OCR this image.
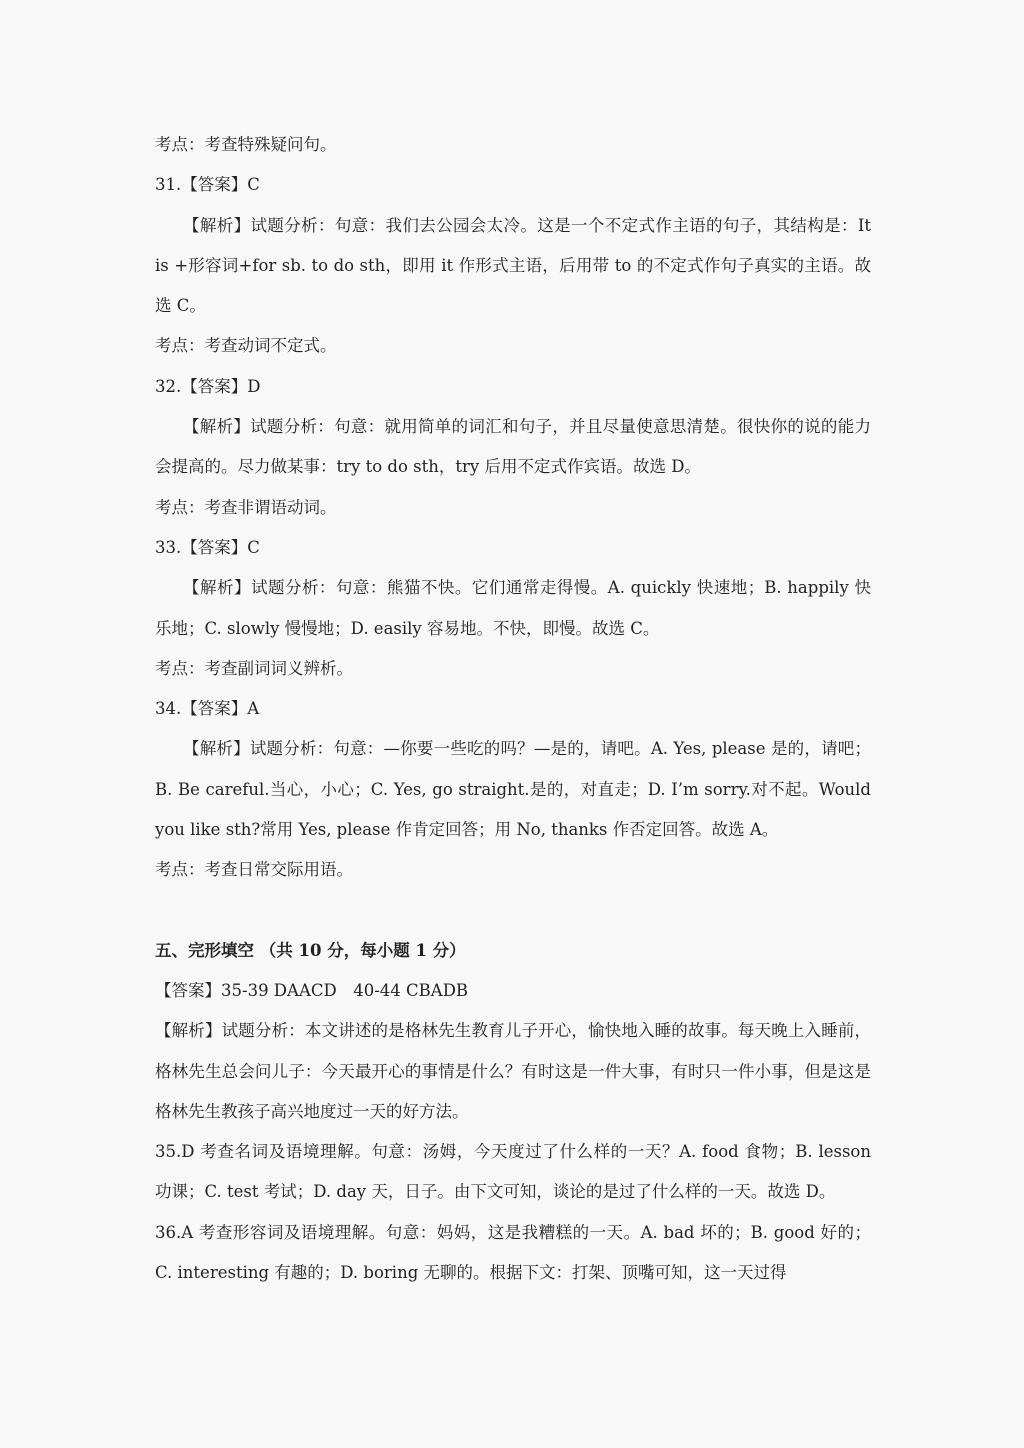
考点：考查特殊疑问句。

31.【答案】C

【解析】试题分析：句意：我们去公园会太冷。这是一个不定式作主语的句子，其结构是：It is +形容词+for sb. to do sth，即用 it 作形式主语，后用带 to 的不定式作句子真实的主语。故选 C。

考点：考查动词不定式。

32.【答案】D

【解析】试题分析：句意：就用简单的词汇和句子，并且尽量使意思清楚。很快你的说的能力会提高的。尽力做某事：try to do sth，try 后用不定式作宾语。故选 D。

考点：考查非谓语动词。

33.【答案】C

【解析】试题分析：句意：熊猫不快。它们通常走得慢。A. quickly 快速地；B. happily 快乐地；C. slowly 慢慢地；D. easily 容易地。不快，即慢。故选 C。

考点：考查副词词义辨析。

34.【答案】A

【解析】试题分析：句意：—你要一些吃的吗？—是的，请吧。A. Yes, please 是的，请吧；B. Be careful.当心，小心；C. Yes, go straight.是的，对直走；D. I’m sorry.对不起。Would you like sth?常用 Yes, please 作肯定回答；用 No, thanks 作否定回答。故选 A。

考点：考查日常交际用语。

五、完形填空 （共 10 分，每小题 1 分）

【答案】35-39 DAACD　40-44 CBADB

【解析】试题分析：本文讲述的是格林先生教育儿子开心，愉快地入睡的故事。每天晚上入睡前，格林先生总会问儿子：今天最开心的事情是什么？有时这是一件大事，有时只一件小事，但是这是格林先生教孩子高兴地度过一天的好方法。

35.D 考查名词及语境理解。句意：汤姆，今天度过了什么样的一天？A. food 食物；B. lesson 功课；C. test 考试；D. day 天，日子。由下文可知，谈论的是过了什么样的一天。故选 D。

36.A 考查形容词及语境理解。句意：妈妈，这是我糟糕的一天。A. bad 坏的；B. good 好的；C. interesting 有趣的；D. boring 无聊的。根据下文：打架、顶嘴可知，这一天过得
